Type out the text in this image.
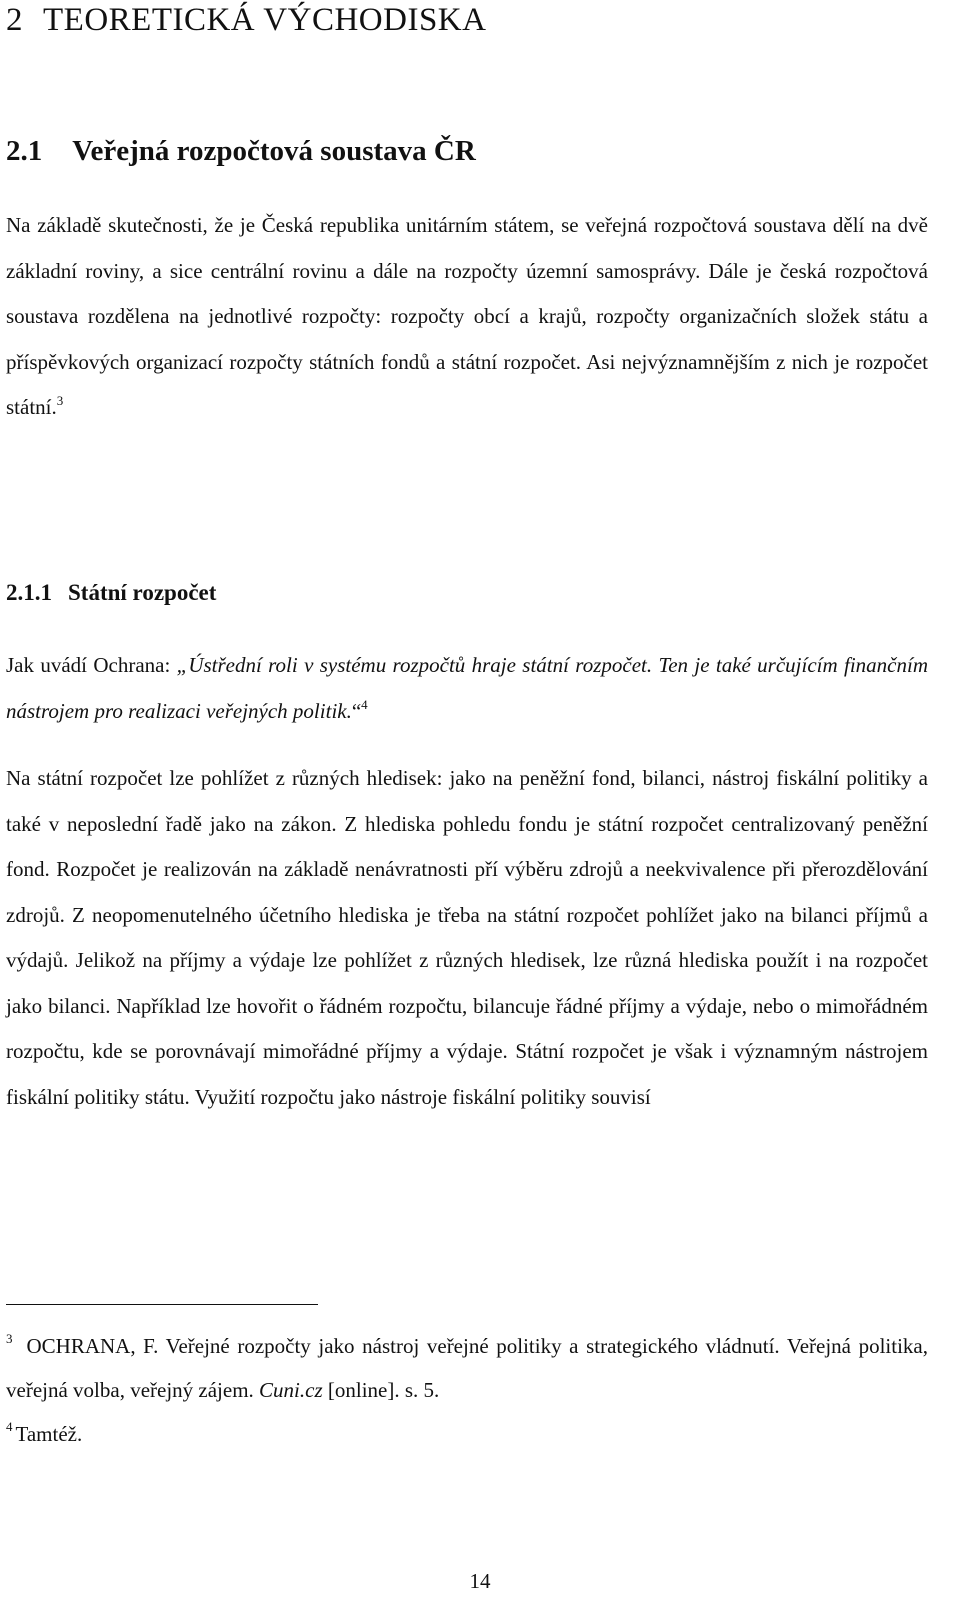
2 TEORETICKÁ VÝCHODISKA
2.1 Veřejná rozpočtová soustava ČR

Na základě skutečnosti, že je Česká republika unitárním státem, se veřejná rozpočtová soustava dělí na dvě základní roviny, a sice centrální rovinu a dále na rozpočty územní samosprávy. Dále je česká rozpočtová soustava rozdělena na jednotlivé rozpočty: rozpočty obcí a krajů, rozpočty organizačních složek státu a příspěvkových organizací rozpočty státních fondů a státní rozpočet. Asi nejvýznamnějším z nich je rozpočet státní.$^3$

2.1.1 Státní rozpočet

Jak uvádí Ochrana: „Ústřední roli v systému rozpočtů hraje státní rozpočet. Ten je také určujícím finančním nástrojem pro realizaci veřejných politik.“$^4$

Na státní rozpočet lze pohlížet z různých hledisek: jako na peněžní fond, bilanci, nástroj fiskální politiky a také v neposlední řadě jako na zákon. Z hlediska pohledu fondu je státní rozpočet centralizovaný peněžní fond. Rozpočet je realizován na základě nenávratnosti pří výběru zdrojů a neekvivalence při přerozdělování zdrojů. Z neopomenutelného účetního hlediska je třeba na státní rozpočet pohlížet jako na bilanci příjmů a výdajů. Jelikož na příjmy a výdaje lze pohlížet z různých hledisek, lze různá hlediska použít i na rozpočet jako bilanci. Například lze hovořit o řádném rozpočtu, bilancuje řádné příjmy a výdaje, nebo o mimořádném rozpočtu, kde se porovnávají mimořádné příjmy a výdaje. Státní rozpočet je však i významným nástrojem fiskální politiky státu. Využití rozpočtu jako nástroje fiskální politiky souvisí

$^3$ OCHRANA, F. Veřejné rozpočty jako nástroj veřejné politiky a strategického vládnutí. Veřejná politika, veřejná volba, veřejný zájem. Cuni.cz [online]. s. 5.

$^4$ Tamtéž.

14
